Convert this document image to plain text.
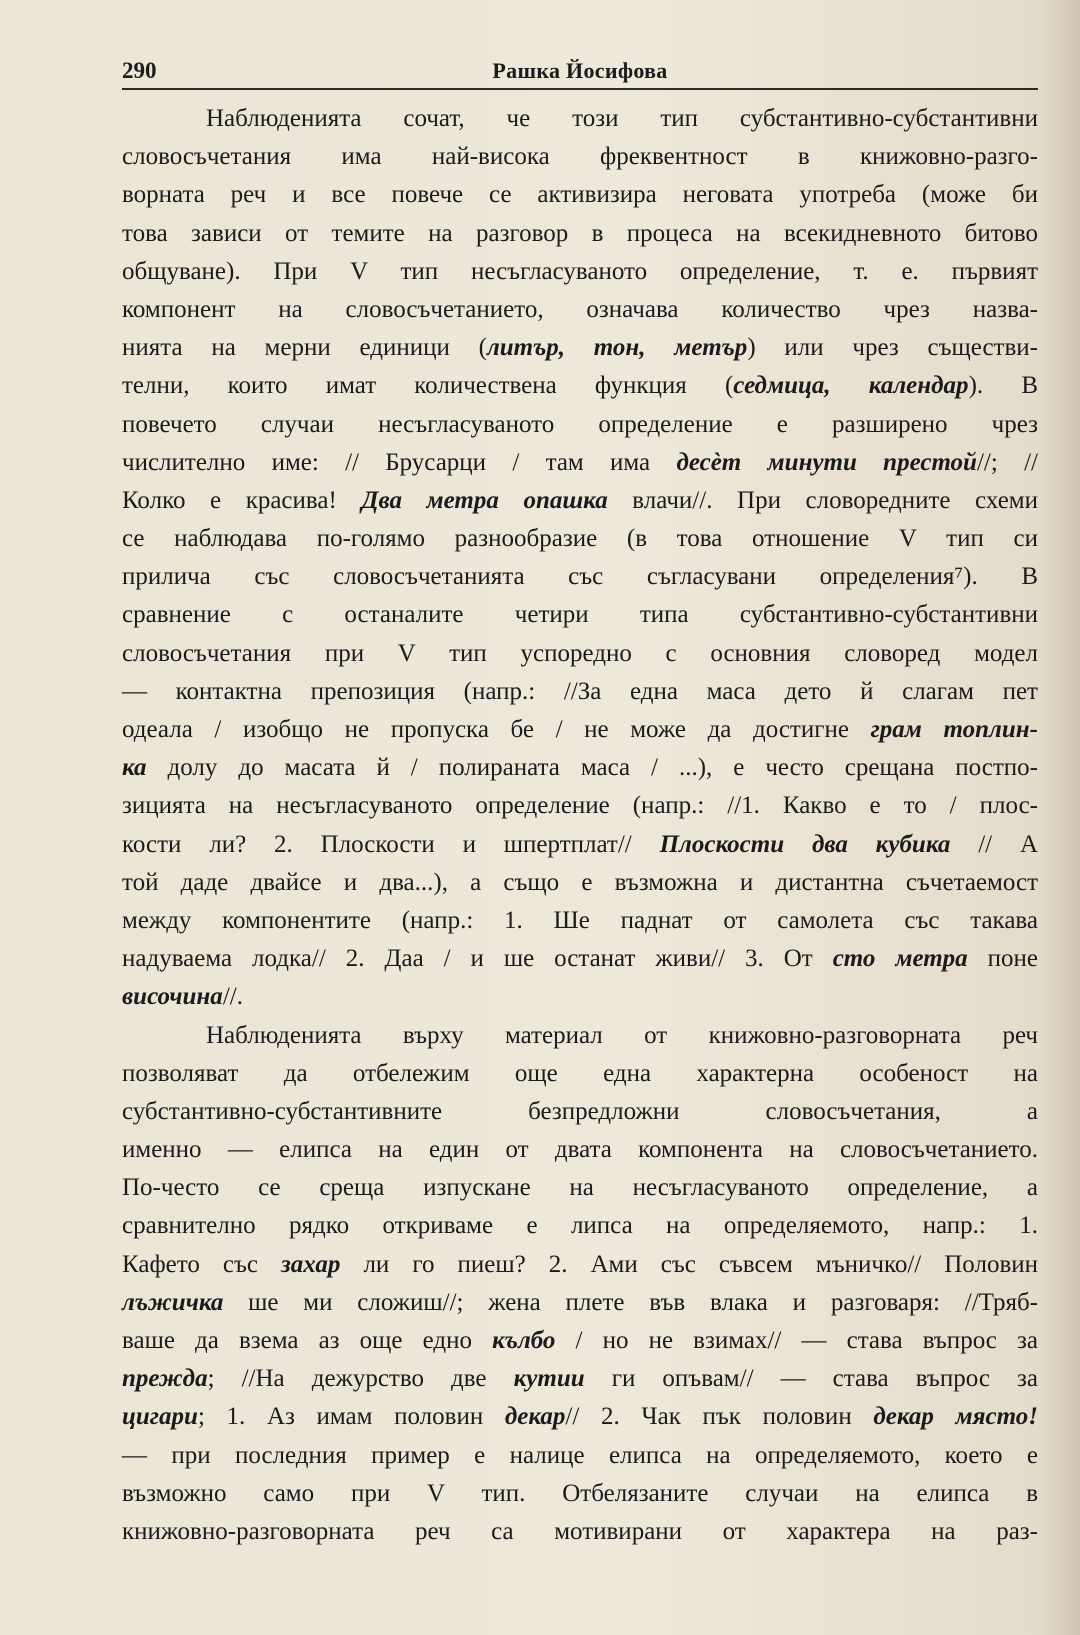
290	Рашка Йосифова
Наблюденията сочат, че този тип субстантивно-субстантивни
словосъчетания има най-висока фреквентност в книжовно-разго-
ворната реч и все повече се активизира неговата употреба (може би
това зависи от темите на разговор в процеса на всекидневното битово
общуване). При V тип несъгласуваното определение, т. е. първият
компонент на словосъчетанието, означава количество чрез назва-
нията на мерни единици (литър, тон, метър) или чрез съществи-
телни, които имат количествена функция (седмица, календар). В
повечето случаи несъгласуваното определение е разширено чрез
числително име: // Брусарци / там има десèт минути престой//; //
Колко е красива! Два метра опашка влачи//. При словоредните схеми
се наблюдава по-голямо разнообразие (в това отношение V тип си
прилича със словосъчетанията със съгласувани определения⁷). В
сравнение с останалите четири типа субстантивно-субстантивни
словосъчетания при V тип успоредно с основния словоред модел
— контактна препозиция (напр.: //За една маса дето й слагам пет
одеала / изобщо не пропуска бе / не може да достигне грам топлин-
ка долу до масата й / полираната маса / ...), е често срещана постпо-
зицията на несъгласуваното определение (напр.: //1. Какво е то / плос-
кости ли? 2. Плоскости и шпертплат// Плоскости два кубика // А
той даде двайсе и два...), а също е възможна и дистантна съчетаемост
между компонентите (напр.: 1. Ше паднат от самолета със такава
надуваема лодка// 2. Даа / и ше останат живи// 3. От сто метра поне
височина//.
Наблюденията върху материал от книжовно-разговорната реч
позволяват да отбележим още една характерна особеност на
субстантивно-субстантивните безпредложни словосъчетания, а
именно — елипса на един от двата компонента на словосъчетанието.
По-често се среща изпускане на несъгласуваното определение, а
сравнително рядко откриваме е липса на определяемото, напр.: 1.
Кафето със захар ли го пиеш? 2. Ами със съвсем мъничко// Половин
лъжичка ше ми сложиш//; жена плете във влака и разговаря: //Тряб-
ваше да взема аз още едно кълбо / но не взимах// — става въпрос за
прежда; //На дежурство две кутии ги опъвам// — става въпрос за
цигари; 1. Аз имам половин декар// 2. Чак пък половин декар място!
— при последния пример е налице елипса на определяемото, което е
възможно само при V тип. Отбелязаните случаи на елипса в
книжовно-разговорната реч са мотивирани от характера на раз-
